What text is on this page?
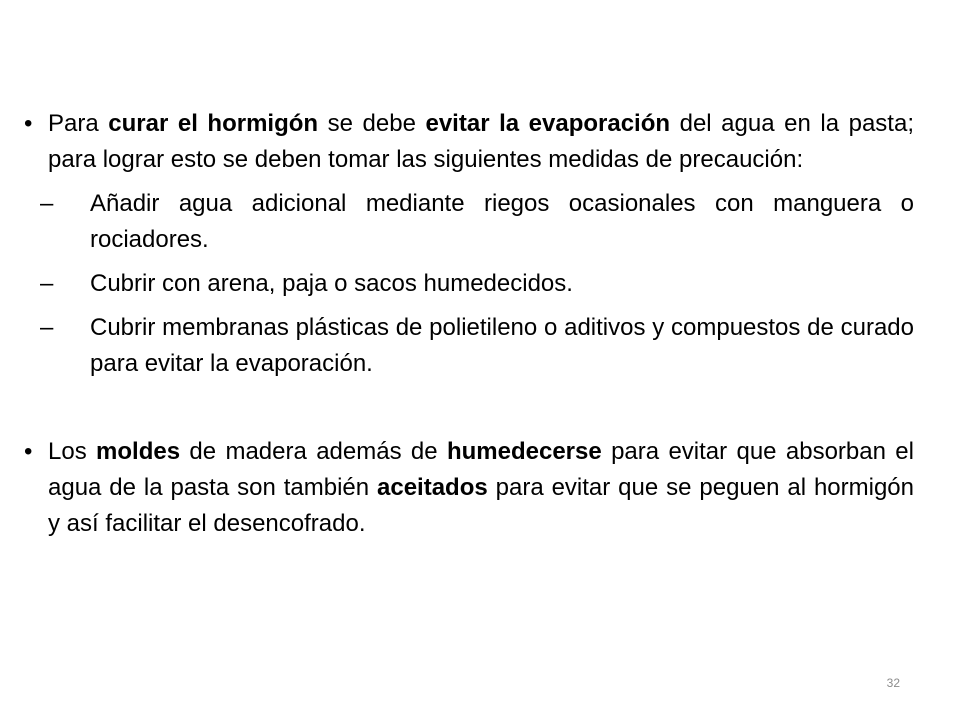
• Para curar el hormigón se debe evitar la evaporación del agua en la pasta; para lograr esto se deben tomar las siguientes medidas de precaución:
–	Añadir agua adicional mediante riegos ocasionales con manguera o rociadores.
–	Cubrir con arena, paja o sacos humedecidos.
–	Cubrir membranas plásticas de polietileno o aditivos y compuestos de curado para evitar la evaporación.
• Los moldes de madera además de humedecerse para evitar que absorban el agua de la pasta son también aceitados para evitar que se peguen al hormigón y así facilitar el desencofrado.
32
